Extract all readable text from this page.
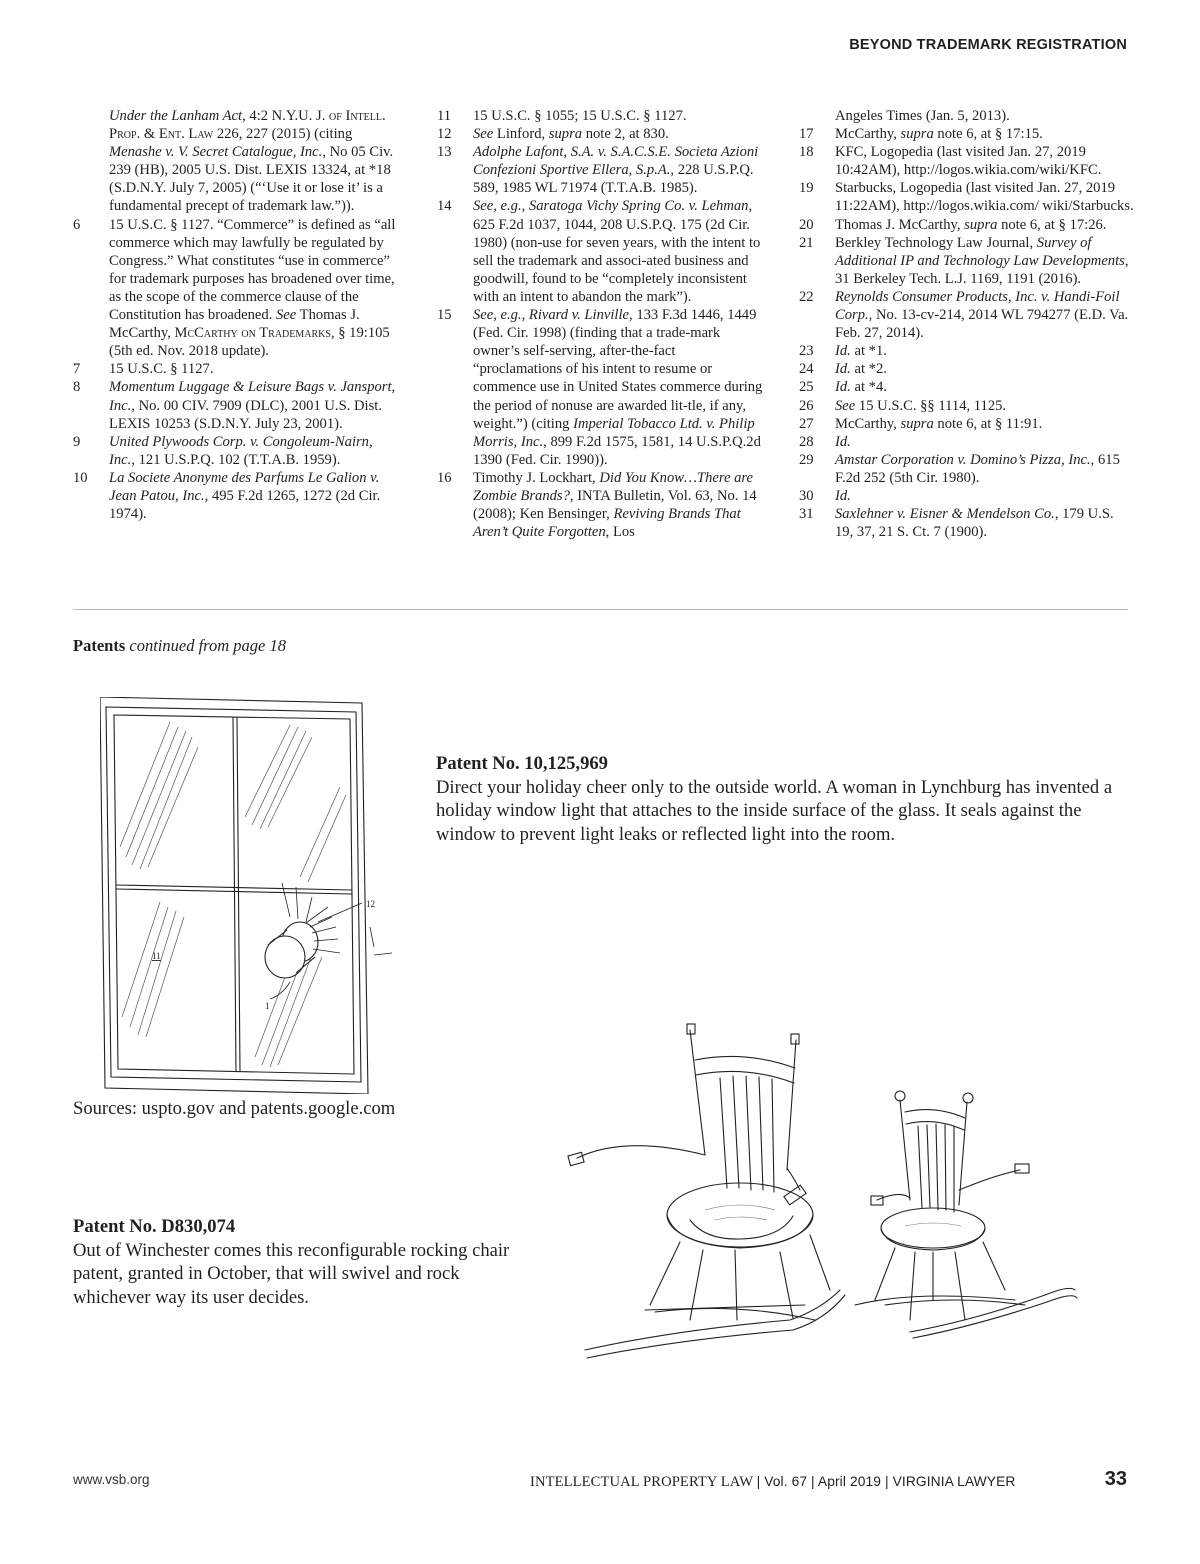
BEYOND TRADEMARK REGISTRATION
Under the Lanham Act, 4:2 N.Y.U. J. of Intell. Prop. & Ent. Law 226, 227 (2015) (citing Menashe v. V. Secret Catalogue, Inc., No 05 Civ. 239 (HB), 2005 U.S. Dist. LEXIS 13324, at *18 (S.D.N.Y. July 7, 2005) (“‘Use it or lose it’ is a fundamental precept of trademark law.”)).
6	15 U.S.C. § 1127. “Commerce” is defined as “all commerce which may lawfully be regulated by Congress.” What constitutes “use in commerce” for trademark purposes has broadened over time, as the scope of the commerce clause of the Constitution has broadened. See Thomas J. McCarthy, McCarthy on Trademarks, § 19:105 (5th ed. Nov. 2018 update).
7	15 U.S.C. § 1127.
8	Momentum Luggage & Leisure Bags v. Jansport, Inc., No. 00 CIV. 7909 (DLC), 2001 U.S. Dist. LEXIS 10253 (S.D.N.Y. July 23, 2001).
9	United Plywoods Corp. v. Congoleum-Nairn, Inc., 121 U.S.P.Q. 102 (T.T.A.B. 1959).
10	La Societe Anonyme des Parfums Le Galion v. Jean Patou, Inc., 495 F.2d 1265, 1272 (2d Cir. 1974).
11	15 U.S.C. § 1055; 15 U.S.C. § 1127.
12	See Linford, supra note 2, at 830.
13	Adolphe Lafont, S.A. v. S.A.C.S.E. Societa Azioni Confezioni Sportive Ellera, S.p.A., 228 U.S.P.Q. 589, 1985 WL 71974 (T.T.A.B. 1985).
14	See, e.g., Saratoga Vichy Spring Co. v. Lehman, 625 F.2d 1037, 1044, 208 U.S.P.Q. 175 (2d Cir. 1980) (non-use for seven years, with the intent to sell the trademark and associ-ated business and goodwill, found to be “completely inconsistent with an intent to abandon the mark”).
15	See, e.g., Rivard v. Linville, 133 F.3d 1446, 1449 (Fed. Cir. 1998) (finding that a trade-mark owner’s self-serving, after-the-fact “proclamations of his intent to resume or commence use in United States commerce during the period of nonuse are awarded lit-tle, if any, weight.”) (citing Imperial Tobacco Ltd. v. Philip Morris, Inc., 899 F.2d 1575, 1581, 14 U.S.P.Q.2d 1390 (Fed. Cir. 1990)).
16	Timothy J. Lockhart, Did You Know…There are Zombie Brands?, INTA Bulletin, Vol. 63, No. 14 (2008); Ken Bensinger, Reviving Brands That Aren’t Quite Forgotten, Los
Angeles Times (Jan. 5, 2013).
17	McCarthy, supra note 6, at § 17:15.
18	KFC, Logopedia (last visited Jan. 27, 2019 10:42AM), http://logos.wikia.com/wiki/KFC.
19	Starbucks, Logopedia (last visited Jan. 27, 2019 11:22AM), http://logos.wikia.com/ wiki/Starbucks.
20	Thomas J. McCarthy, supra note 6, at § 17:26.
21	Berkley Technology Law Journal, Survey of Additional IP and Technology Law Developments, 31 Berkeley Tech. L.J. 1169, 1191 (2016).
22	Reynolds Consumer Products, Inc. v. Handi-Foil Corp., No. 13-cv-214, 2014 WL 794277 (E.D. Va. Feb. 27, 2014).
23	Id. at *1.
24	Id. at *2.
25	Id. at *4.
26	See 15 U.S.C. §§ 1114, 1125.
27	McCarthy, supra note 6, at § 11:91.
28	Id.
29	Amstar Corporation v. Domino’s Pizza, Inc., 615 F.2d 252 (5th Cir. 1980).
30	Id.
31	Saxlehner v. Eisner & Mendelson Co., 179 U.S. 19, 37, 21 S. Ct. 7 (1900).
Patents continued from page 18
11
12
1
Patent No. 10,125,969
Direct your holiday cheer only to the outside world. A woman in Lynchburg has invented a holiday window light that attaches to the inside surface of the glass. It seals against the window to prevent light leaks or reflected light into the room.
Patent No. D830,074
Out of Winchester comes this reconfigurable rocking chair patent, granted in October, that will swivel and rock whichever way its user decides.
Sources: uspto.gov and patents.google.com
www.vsb.org	INTELLECTUAL PROPERTY LAW | Vol. 67 | April 2019 | VIRGINIA LAWYER	33
